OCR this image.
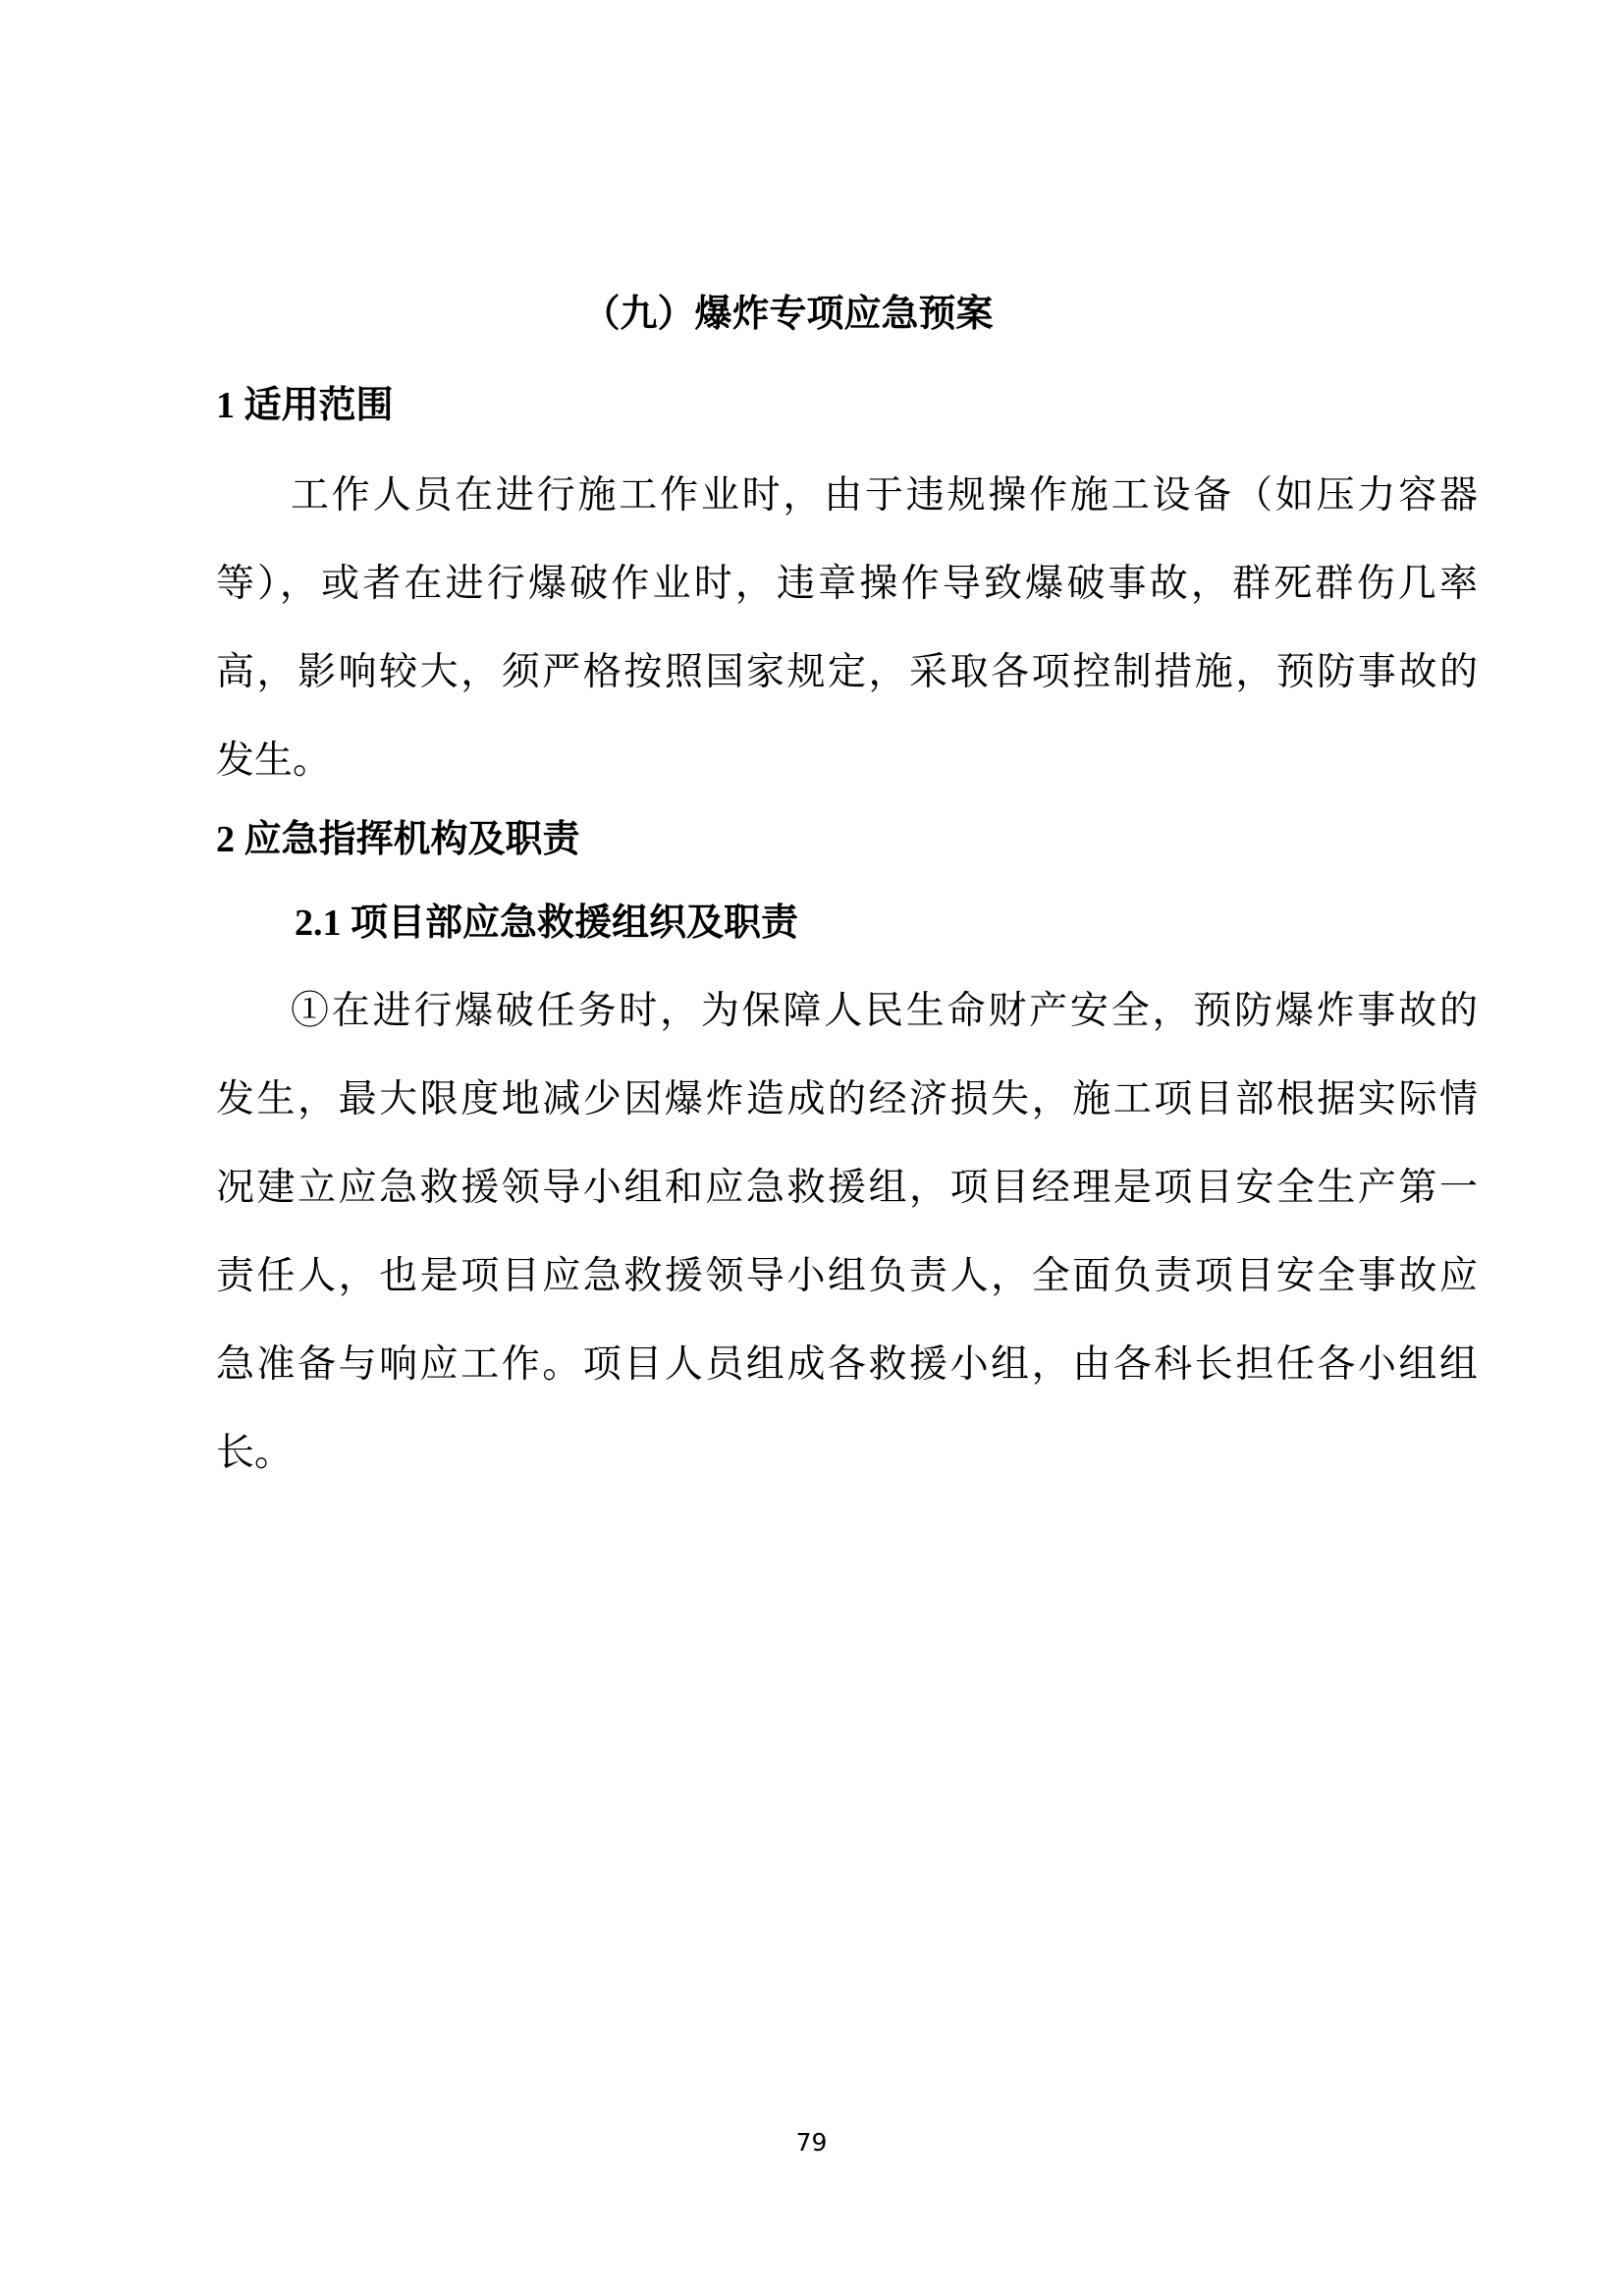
（九）爆炸专项应急预案
1 适用范围
工作人员在进行施工作业时，由于违规操作施工设备（如压力容器
等），或者在进行爆破作业时，违章操作导致爆破事故，群死群伤几率
高，影响较大，须严格按照国家规定，采取各项控制措施，预防事故的
发生。
2 应急指挥机构及职责
2.1 项目部应急救援组织及职责
①在进行爆破任务时，为保障人民生命财产安全，预防爆炸事故的
发生，最大限度地减少因爆炸造成的经济损失，施工项目部根据实际情
况建立应急救援领导小组和应急救援组，项目经理是项目安全生产第一
责任人，也是项目应急救援领导小组负责人，全面负责项目安全事故应
急准备与响应工作。项目人员组成各救援小组，由各科长担任各小组组
长。
79
